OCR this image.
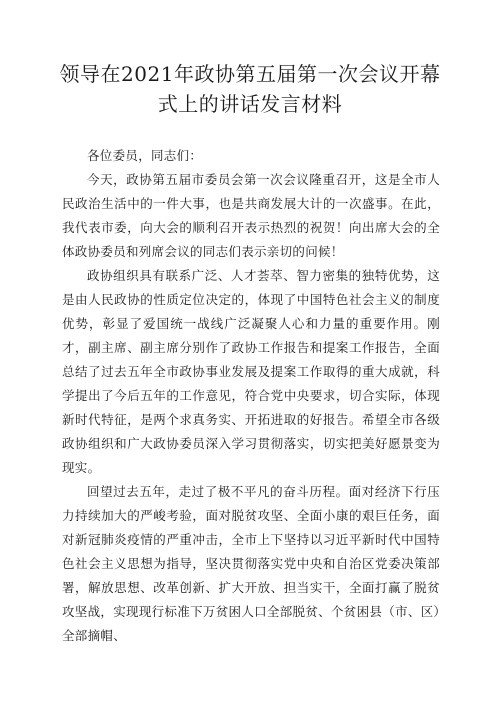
领导在2021年政协第五届第一次会议开幕
式上的讲话发言材料

各位委员，同志们：

今天，政协第五届市委员会第一次会议隆重召开，这是全市人民政治生活中的一件大事，也是共商发展大计的一次盛事。在此，我代表市委，向大会的顺利召开表示热烈的祝贺！向出席大会的全体政协委员和列席会议的同志们表示亲切的问候！

政协组织具有联系广泛、人才荟萃、智力密集的独特优势，这是由人民政协的性质定位决定的，体现了中国特色社会主义的制度优势，彰显了爱国统一战线广泛凝聚人心和力量的重要作用。刚才，副主席、副主席分别作了政协工作报告和提案工作报告，全面总结了过去五年全市政协事业发展及提案工作取得的重大成就，科学提出了今后五年的工作意见，符合党中央要求，切合实际，体现新时代特征，是两个求真务实、开拓进取的好报告。希望全市各级政协组织和广大政协委员深入学习贯彻落实，切实把美好愿景变为现实。

回望过去五年，走过了极不平凡的奋斗历程。面对经济下行压力持续加大的严峻考验，面对脱贫攻坚、全面小康的艰巨任务，面对新冠肺炎疫情的严重冲击，全市上下坚持以习近平新时代中国特色社会主义思想为指导，坚决贯彻落实党中央和自治区党委决策部署，解放思想、改革创新、扩大开放、担当实干，全面打赢了脱贫攻坚战，实现现行标准下万贫困人口全部脱贫、个贫困县（市、区）全部摘帽、
